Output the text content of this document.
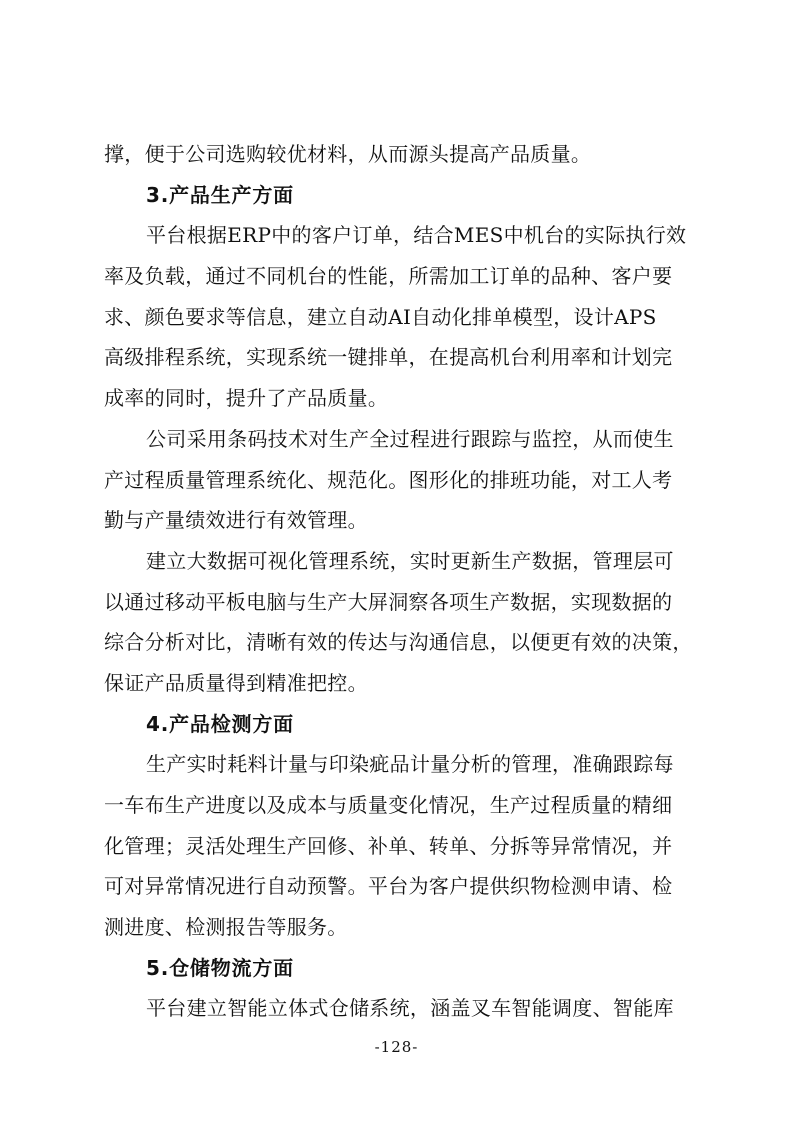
撑，便于公司选购较优材料，从而源头提高产品质量。
3.产品生产方面
平台根据ERP中的客户订单，结合MES中机台的实际执行效
率及负载，通过不同机台的性能，所需加工订单的品种、客户要
求、颜色要求等信息，建立自动AI自动化排单模型，设计APS
高级排程系统，实现系统一键排单，在提高机台利用率和计划完
成率的同时，提升了产品质量。
公司采用条码技术对生产全过程进行跟踪与监控，从而使生
产过程质量管理系统化、规范化。图形化的排班功能，对工人考
勤与产量绩效进行有效管理。
建立大数据可视化管理系统，实时更新生产数据，管理层可
以通过移动平板电脑与生产大屏洞察各项生产数据，实现数据的
综合分析对比，清晰有效的传达与沟通信息，以便更有效的决策，
保证产品质量得到精准把控。
4.产品检测方面
生产实时耗料计量与印染疵品计量分析的管理，准确跟踪每
一车布生产进度以及成本与质量变化情况，生产过程质量的精细
化管理；灵活处理生产回修、补单、转单、分拆等异常情况，并
可对异常情况进行自动预警。平台为客户提供织物检测申请、检
测进度、检测报告等服务。
5.仓储物流方面
平台建立智能立体式仓储系统，涵盖叉车智能调度、智能库
-128-
